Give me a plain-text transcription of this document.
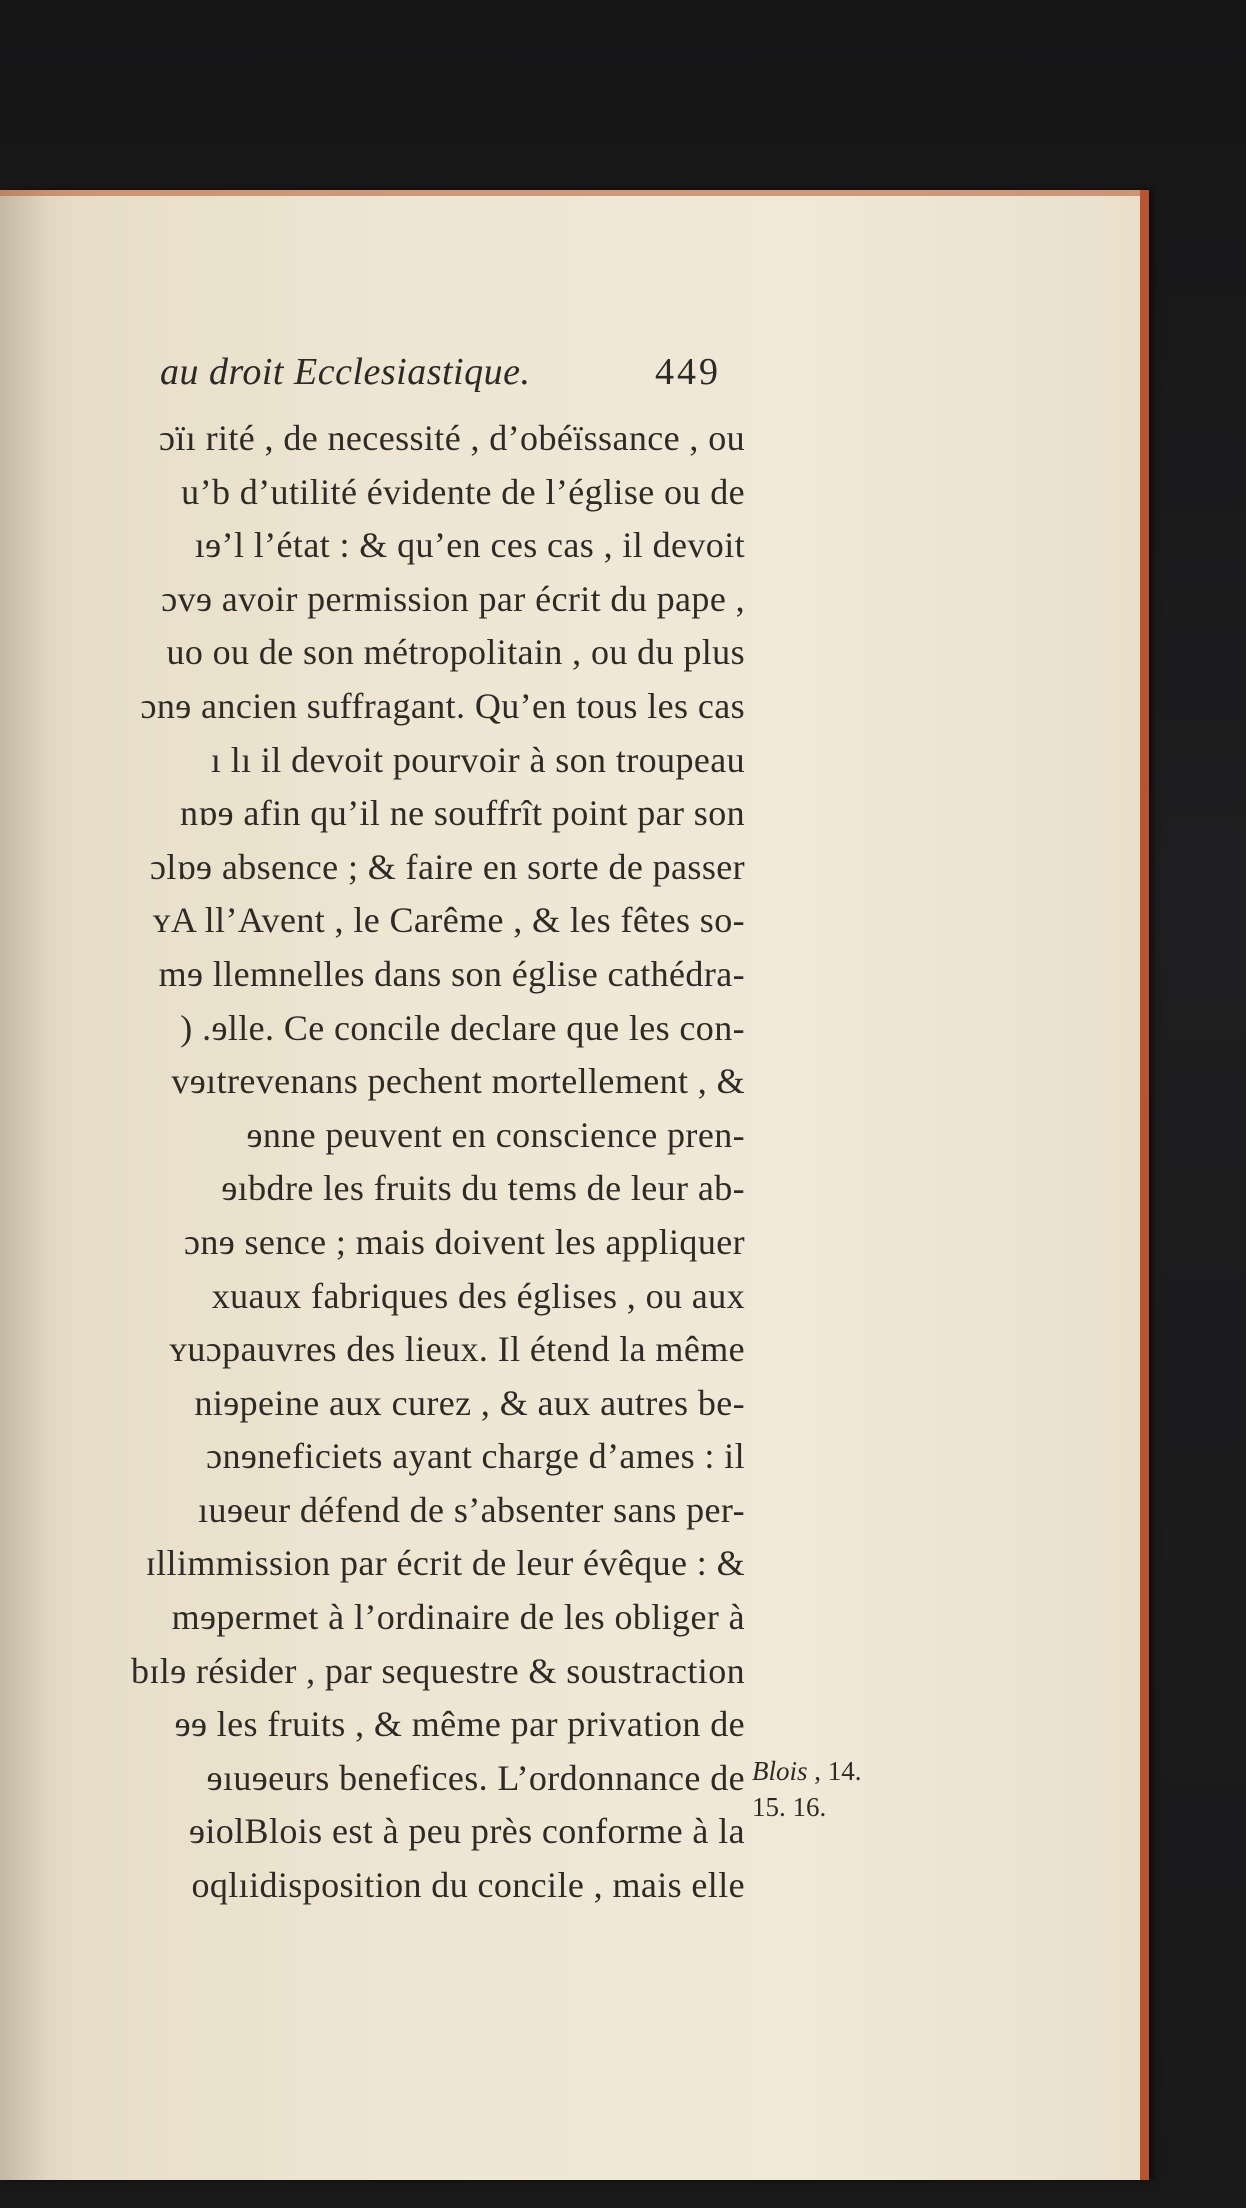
au droit Ecclesiastique.	449
ɔïı rité , de necessité , d’obéïssance , ou
u’b d’utilité évidente de l’église ou de
ıɘ’l l’état : & qu’en ces cas , il devoit
ɔvɘ avoir permission par écrit du pape ,
uo ou de son métropolitain , ou du plus
ɔnɘ ancien suffragant. Qu’en tous les cas
ı lı il devoit pourvoir à son troupeau
nɒɘ afin qu’il ne souffrît point par son
ɔlɒɘ absence ; & faire en sorte de passer
ʏA ll’Avent , le Carême , & les fêtes so-
mɘ llemnelles dans son église cathédra-
) .ɘlle. Ce concile declare que les con-
vɘıtrevenans pechent mortellement , &
ɘnne peuvent en conscience pren-
ɘıbdre les fruits du tems de leur ab-
ɔnɘ sence ; mais doivent les appliquer
xuaux fabriques des églises , ou aux
ʏuɔpauvres des lieux. Il étend la même
niɘpeine aux curez , & aux autres be-
ɔnɘneficiets ayant charge d’ames : il
ıuɘeur défend de s’absenter sans per-
ɪllimmission par écrit de leur évêque : &
mɘpermet à l’ordinaire de les obliger à
bɪlɘ résider , par sequestre & soustraction
ɘɘ les fruits , & même par privation de
ɘıuɘeurs benefices. L’ordonnance de
ɘiolBlois est à peu près conforme à la
oqlıidisposition du concile , mais elle
Blois , 14.
15. 16.
